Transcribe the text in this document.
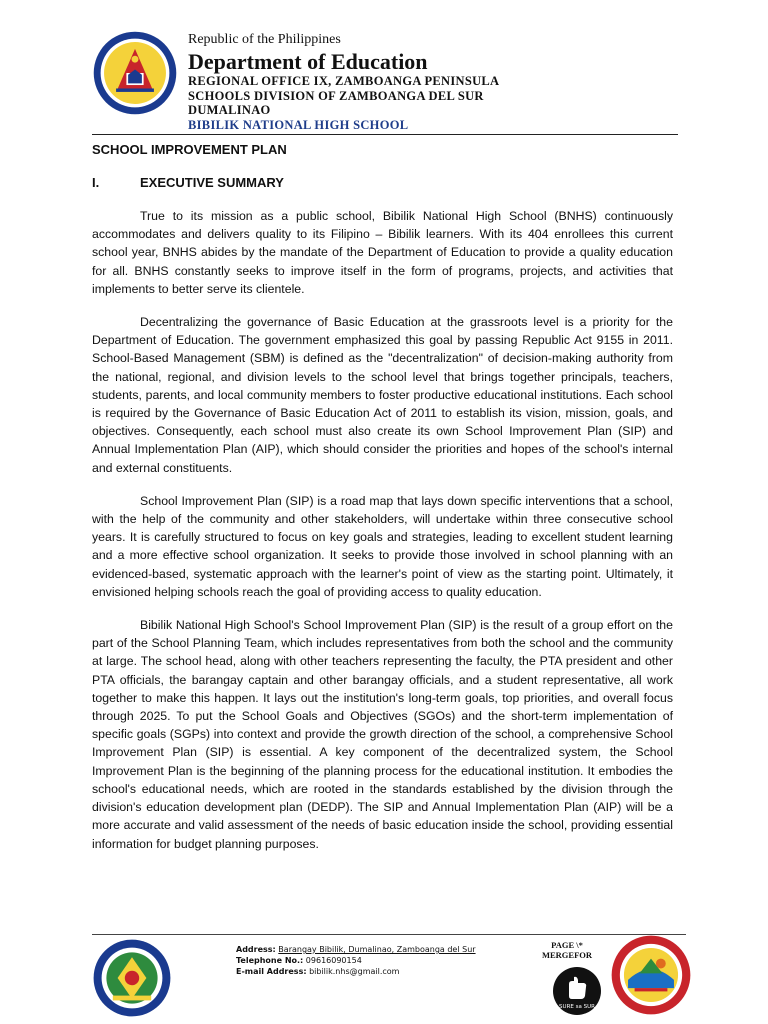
Republic of the Philippines
Department of Education
REGIONAL OFFICE IX, ZAMBOANGA PENINSULA
SCHOOLS DIVISION OF ZAMBOANGA DEL SUR
DUMALINAO
BIBILIK NATIONAL HIGH SCHOOL
SCHOOL IMPROVEMENT PLAN
I.	EXECUTIVE SUMMARY

True to its mission as a public school, Bibilik National High School (BNHS) continuously accommodates and delivers quality to its Filipino – Bibilik learners. With its 404 enrollees this current school year, BNHS abides by the mandate of the Department of Education to provide a quality education for all. BNHS constantly seeks to improve itself in the form of programs, projects, and activities that implements to better serve its clientele.

Decentralizing the governance of Basic Education at the grassroots level is a priority for the Department of Education. The government emphasized this goal by passing Republic Act 9155 in 2011. School-Based Management (SBM) is defined as the "decentralization" of decision-making authority from the national, regional, and division levels to the school level that brings together principals, teachers, students, parents, and local community members to foster productive educational institutions. Each school is required by the Governance of Basic Education Act of 2011 to establish its vision, mission, goals, and objectives. Consequently, each school must also create its own School Improvement Plan (SIP) and Annual Implementation Plan (AIP), which should consider the priorities and hopes of the school's internal and external constituents.

School Improvement Plan (SIP) is a road map that lays down specific interventions that a school, with the help of the community and other stakeholders, will undertake within three consecutive school years. It is carefully structured to focus on key goals and strategies, leading to excellent student learning and a more effective school organization. It seeks to provide those involved in school planning with an evidenced-based, systematic approach with the learner's point of view as the starting point. Ultimately, it envisioned helping schools reach the goal of providing access to quality education.

Bibilik National High School's School Improvement Plan (SIP) is the result of a group effort on the part of the School Planning Team, which includes representatives from both the school and the community at large. The school head, along with other teachers representing the faculty, the PTA president and other PTA officials, the barangay captain and other barangay officials, and a student representative, all work together to make this happen. It lays out the institution's long-term goals, top priorities, and overall focus through 2025. To put the School Goals and Objectives (SGOs) and the short-term implementation of specific goals (SGPs) into context and provide the growth direction of the school, a comprehensive School Improvement Plan (SIP) is essential. A key component of the decentralized system, the School Improvement Plan is the beginning of the planning process for the educational institution. It embodies the school's educational needs, which are rooted in the standards established by the division through the division's education development plan (DEDP). The SIP and Annual Implementation Plan (AIP) will be a more accurate and valid assessment of the needs of basic education inside the school, providing essential information for budget planning purposes.

Address: Barangay Bibilik, Dumalinao, Zamboanga del Sur
Telephone No.: 09616090154
E-mail Address: bibilik.nhs@gmail.com
PAGE \*
MERGEFOR
SURE sa SUR
